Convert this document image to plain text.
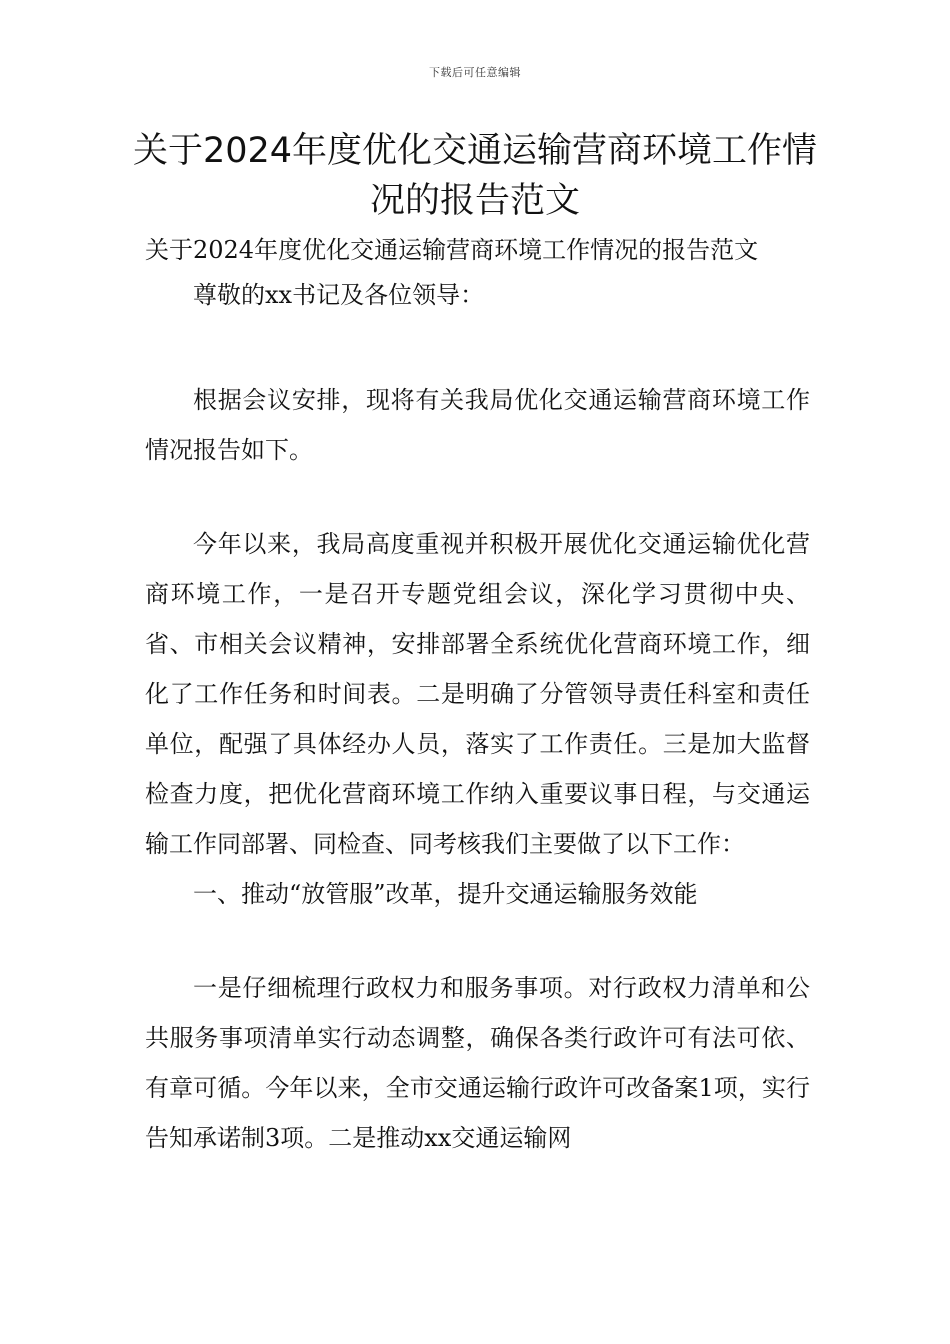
下载后可任意编辑
关于2024年度优化交通运输营商环境工作情况的报告范文

关于2024年度优化交通运输营商环境工作情况的报告范文

尊敬的xx书记及各位领导：

根据会议安排，现将有关我局优化交通运输营商环境工作情况报告如下。

今年以来，我局高度重视并积极开展优化交通运输优化营商环境工作，一是召开专题党组会议，深化学习贯彻中央、省、市相关会议精神，安排部署全系统优化营商环境工作，细化了工作任务和时间表。二是明确了分管领导责任科室和责任单位，配强了具体经办人员，落实了工作责任。三是加大监督检查力度，把优化营商环境工作纳入重要议事日程，与交通运输工作同部署、同检查、同考核我们主要做了以下工作：

一、推动“放管服”改革，提升交通运输服务效能

一是仔细梳理行政权力和服务事项。对行政权力清单和公共服务事项清单实行动态调整，确保各类行政许可有法可依、有章可循。今年以来，全市交通运输行政许可改备案1项，实行告知承诺制3项。二是推动xx交通运输网
